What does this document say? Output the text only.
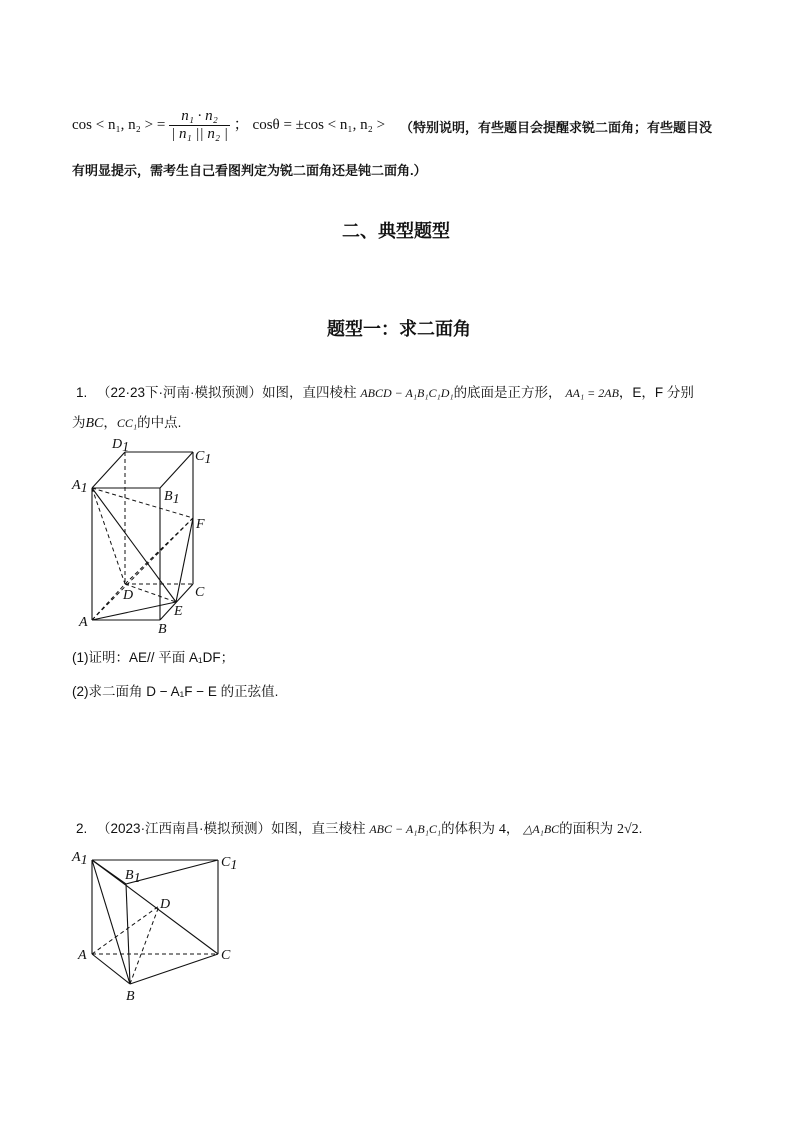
cos < n₁, n₂ > = $\frac{\text{n₁ · n₂}}{\text{| n₁ || n₂ |}}$ ； cosθ = ±cos < n₁, n₂ > （特别说明，有些题目会提醒求锐二面角；有些题目没
有明显提示，需考生自己看图判定为锐二面角还是钝二面角.）
二、典型题型
题型一：求二面角
1. （22·23下·河南·模拟预测）如图，直四棱柱 ABCD − A₁B₁C₁D₁的底面是正方形， AA₁ = 2AB，E，F 分别
为BC，CC₁的中点.
D1
C1
A1
B1
F
C
D
E
A	B
(1)证明：AE// 平面 A₁DF；
(2)求二面角 D − A₁F − E 的正弦值.
2. （2023·江西南昌·模拟预测）如图，直三棱柱 ABC − A₁B₁C₁的体积为 4， △A₁BC的面积为 2√2.
A1	C1
B1
D
A	C
B
